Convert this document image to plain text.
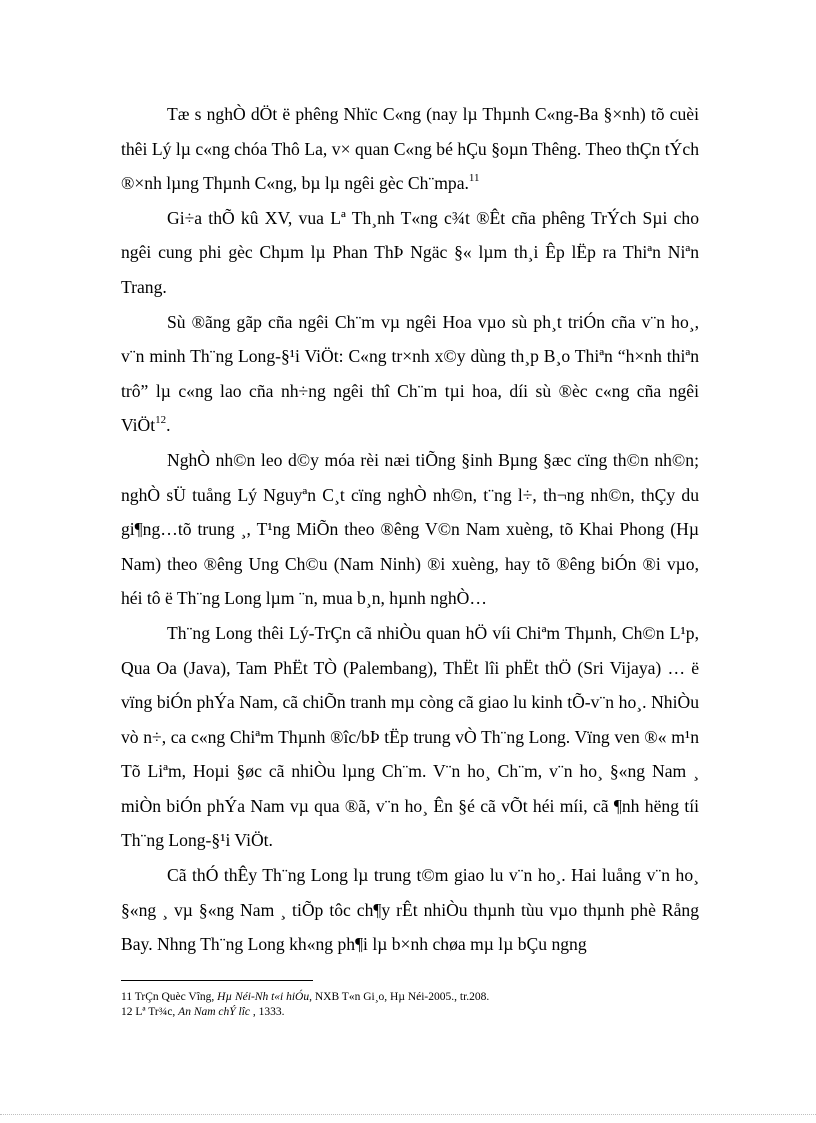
Tæ s nghÒ dÖt ë phêng Nhïc C«ng (nay lµ Thµnh C«ng-Ba §×nh) tõ cuèi thêi Lý lµ c«ng chóa Thô La, v× quan C«ng bé hÇu §oµn Thêng. Theo thÇn tÝch ®×nh lµng Thµnh C«ng, bµ lµ ngêi gèc Ch¨mpa.$^{11}$

Gi÷a thÕ kû XV, vua Lª Th¸nh T«ng c¾t ®Êt cña phêng TrÝch Sµi cho ngêi cung phi gèc Chµm lµ Phan ThÞ Ngäc §« lµm th¸i Êp lËp ra Thiªn Niªn Trang.

Sù ®ãng gãp cña ngêi Ch¨m vµ ngêi Hoa vµo sù ph¸t triÓn cña v¨n ho¸, v¨n minh Th¨ng Long-§¹i ViÖt: C«ng tr×nh x©y dùng th¸p B¸o Thiªn “h×nh thiªn trô” lµ c«ng lao cña nh÷ng ngêi thî Ch¨m tµi hoa, díi sù ®èc c«ng cña ngêi ViÖt$^{12}$.

NghÒ nh©n leo d©y móa rèi næi tiÕng §inh Bµng §æc cïng th©n nh©n; nghÒ sÜ tuång Lý Nguyªn C¸t cïng nghÒ nh©n, t¨ng l÷, th¬ng nh©n, thÇy du gi¶ng…tõ trung ¸, T¹ng MiÕn theo ®êng V©n Nam xuèng, tõ Khai Phong (Hµ Nam) theo ®êng Ung Ch©u (Nam Ninh) ®i xuèng, hay tõ ®êng biÓn ®i vµo, héi tô ë Th¨ng Long lµm ¨n, mua b¸n, hµnh nghÒ…

Th¨ng Long thêi Lý-TrÇn cã nhiÒu quan hÖ víi Chiªm Thµnh, Ch©n L¹p, Qua Oa (Java), Tam PhËt TÒ (Palembang), ThËt lîi phËt thÖ (Sri Vijaya) … ë vïng biÓn phÝa Nam, cã chiÕn tranh mµ còng cã giao lu kinh tÕ-v¨n ho¸. NhiÒu vò n÷, ca c«ng Chiªm Thµnh ®îc/bÞ tËp trung vÒ Th¨ng Long. Vïng ven ®« m¹n Tõ Liªm, Hoµi §øc cã nhiÒu lµng Ch¨m. V¨n ho¸ Ch¨m, v¨n ho¸ §«ng Nam ¸ miÒn biÓn phÝa Nam vµ qua ®ã, v¨n ho¸ Ên §é cã vÕt héi míi, cã ¶nh hëng tíi Th¨ng Long-§¹i ViÖt.

Cã thÓ thÊy Th¨ng Long lµ trung t©m giao lu v¨n ho¸. Hai luång v¨n ho¸ §«ng ¸ vµ §«ng Nam ¸ tiÕp tôc ch¶y rÊt nhiÒu thµnh tùu vµo thµnh phè Rång Bay. Nhng Th¨ng Long kh«ng ph¶i lµ b×nh chøa mµ lµ bÇu ngng

11 TrÇn Quèc Vîng, Hµ Néi-Nh t«i hiÓu, NXB T«n Gi¸o, Hµ Néi-2005., tr.208.

12 Lª Tr¾c, An Nam chÝ lîc , 1333.
